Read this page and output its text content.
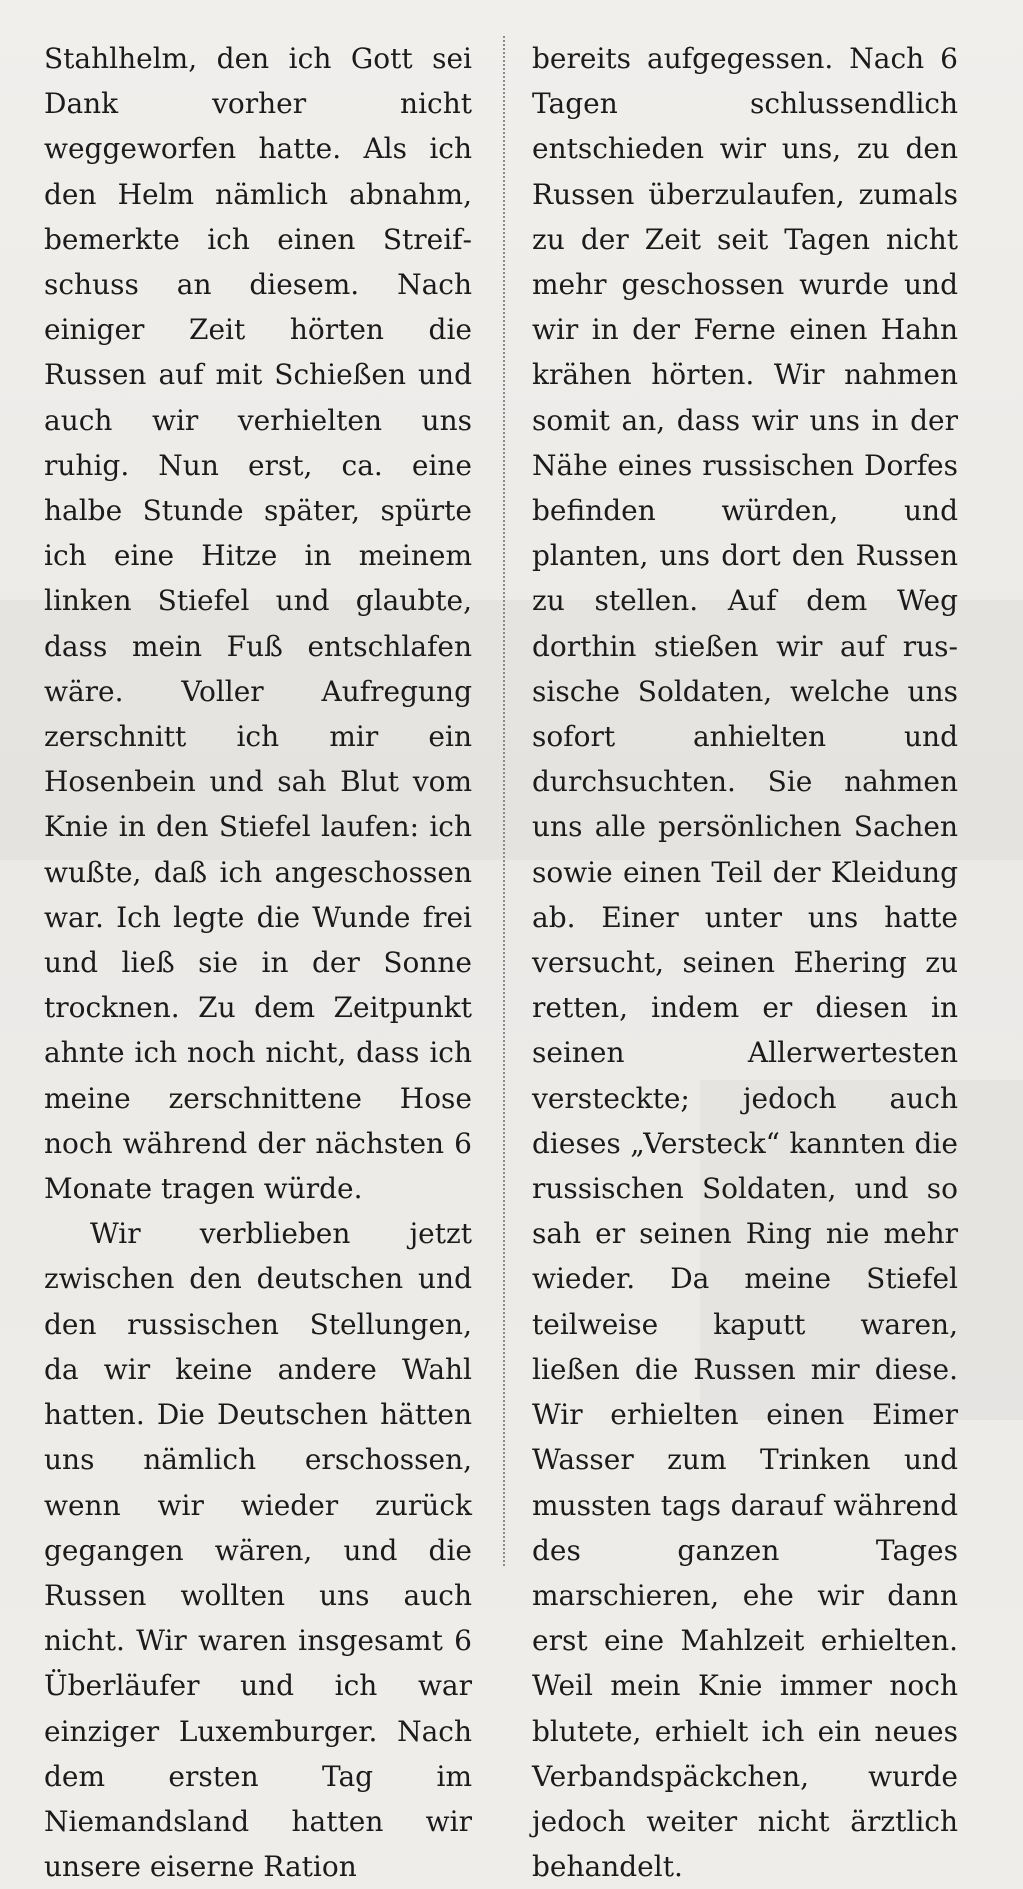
Stahlhelm, den ich Gott sei Dank vorher nicht weggeworfen hatte. Als ich den Helm nämlich abnahm, bemerkte ich einen Streifschuss an diesem. Nach einiger Zeit hörten die Russen auf mit Schießen und auch wir verhielten uns ruhig. Nun erst, ca. eine halbe Stunde später, spürte ich eine Hitze in meinem linken Stiefel und glaubte, dass mein Fuß entschlafen wäre. Voller Aufregung zerschnitt ich mir ein Hosenbein und sah Blut vom Knie in den Stiefel laufen: ich wußte, daß ich angeschossen war. Ich legte die Wunde frei und ließ sie in der Sonne trocknen. Zu dem Zeitpunkt ahnte ich noch nicht, dass ich meine zerschnittene Hose noch während der nächsten 6 Monate tragen würde.

Wir verblieben jetzt zwischen den deutschen und den russischen Stellungen, da wir keine andere Wahl hatten. Die Deutschen hätten uns nämlich erschossen, wenn wir wieder zurück gegangen wären, und die Russen wollten uns auch nicht. Wir waren insgesamt 6 Überläufer und ich war einziger Luxemburger. Nach dem ersten Tag im Niemandsland hatten wir unsere eiserne Ration

bereits aufgegessen. Nach 6 Tagen schlussendlich entschieden wir uns, zu den Russen überzulaufen, zumals zu der Zeit seit Tagen nicht mehr geschossen wurde und wir in der Ferne einen Hahn krähen hörten. Wir nahmen somit an, dass wir uns in der Nähe eines russischen Dorfes befinden würden, und planten, uns dort den Russen zu stellen. Auf dem Weg dorthin stießen wir auf russische Soldaten, welche uns sofort anhielten und durchsuchten. Sie nahmen uns alle persönlichen Sachen sowie einen Teil der Kleidung ab. Einer unter uns hatte versucht, seinen Ehering zu retten, indem er diesen in seinen Allerwertesten versteckte; jedoch auch dieses „Versteck“ kannten die russischen Soldaten, und so sah er seinen Ring nie mehr wieder. Da meine Stiefel teilweise kaputt waren, ließen die Russen mir diese. Wir erhielten einen Eimer Wasser zum Trinken und mussten tags darauf während des ganzen Tages marschieren, ehe wir dann erst eine Mahlzeit erhielten. Weil mein Knie immer noch blutete, erhielt ich ein neues Verbandspäckchen, wurde jedoch weiter nicht ärztlich behandelt.
